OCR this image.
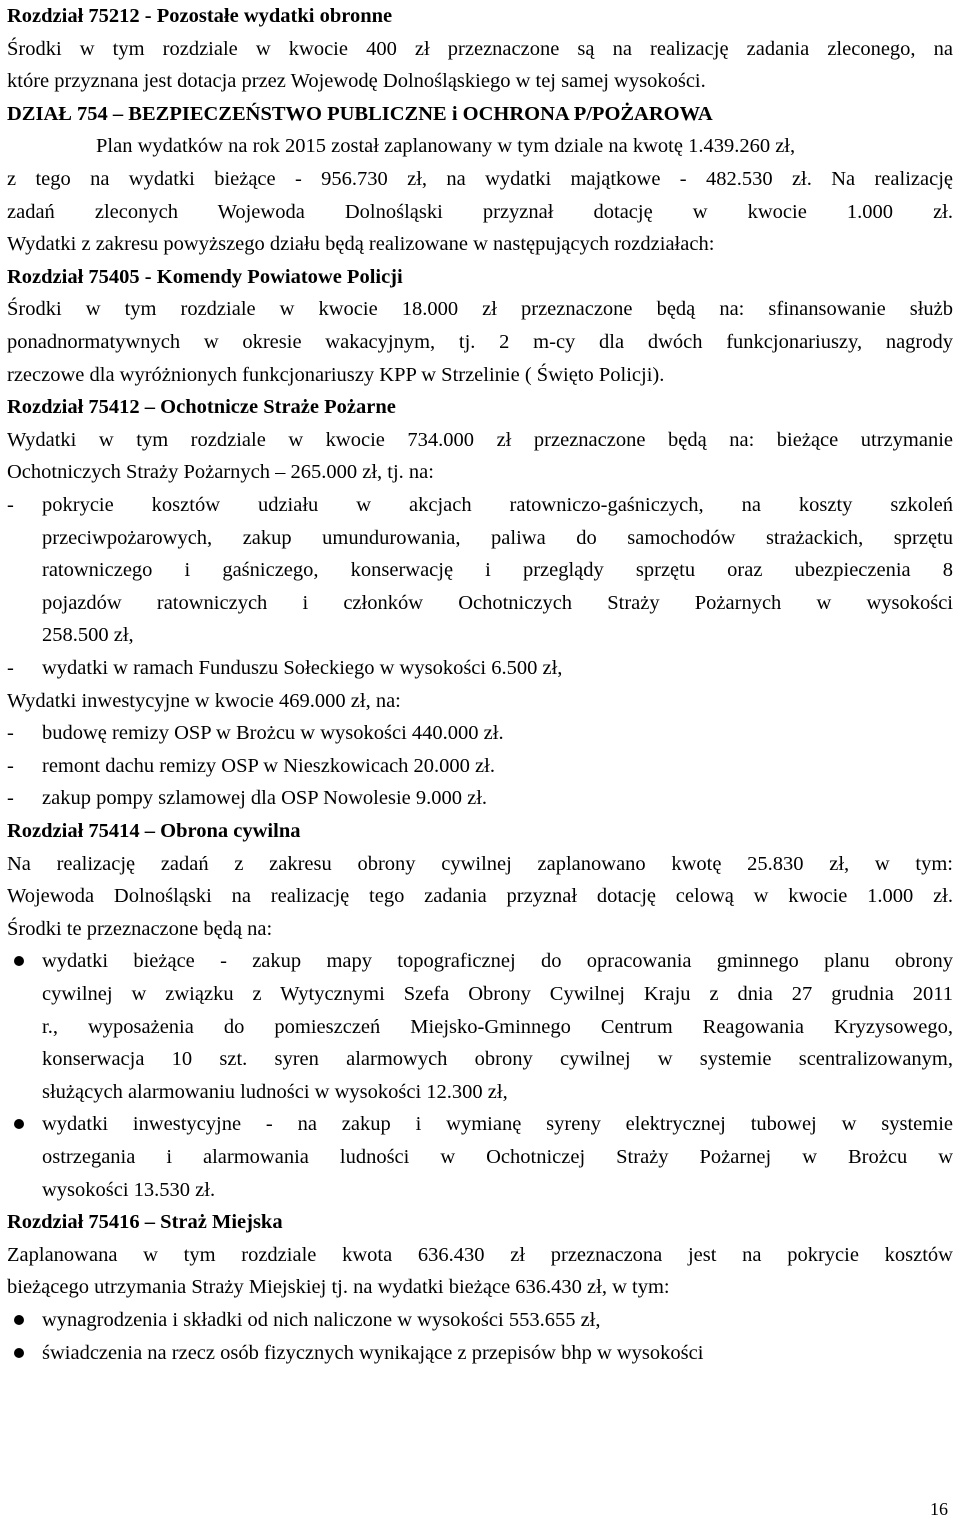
Rozdział 75212 - Pozostałe wydatki obronne
Środki w tym rozdziale w kwocie 400 zł przeznaczone są na realizację zadania zleconego, na
które przyznana jest dotacja przez Wojewodę Dolnośląskiego w tej samej wysokości.
DZIAŁ 754 – BEZPIECZEŃSTWO PUBLICZNE i OCHRONA P/POŻAROWA
Plan wydatków na rok 2015 został zaplanowany w tym dziale na kwotę 1.439.260 zł,
z tego na wydatki bieżące - 956.730 zł, na wydatki majątkowe - 482.530 zł. Na realizację
zadań zleconych Wojewoda Dolnośląski przyznał dotację w kwocie 1.000 zł.
Wydatki z zakresu powyższego działu będą realizowane w następujących rozdziałach:
Rozdział 75405 - Komendy Powiatowe Policji
Środki w tym rozdziale w kwocie 18.000 zł przeznaczone będą na: sfinansowanie służb
ponadnormatywnych w okresie wakacyjnym, tj. 2 m-cy dla dwóch funkcjonariuszy, nagrody
rzeczowe dla wyróżnionych funkcjonariuszy KPP w Strzelinie ( Święto Policji).
Rozdział 75412 – Ochotnicze Straże Pożarne
Wydatki w tym rozdziale w kwocie 734.000 zł przeznaczone będą na: bieżące utrzymanie
Ochotniczych Straży Pożarnych – 265.000 zł, tj. na:
pokrycie kosztów udziału w akcjach ratowniczo-gaśniczych, na koszty szkoleń
-
przeciwpożarowych, zakup umundurowania, paliwa do samochodów strażackich, sprzętu
ratowniczego i gaśniczego, konserwację i przeglądy sprzętu oraz ubezpieczenia 8
pojazdów ratowniczych i członków Ochotniczych Straży Pożarnych w wysokości
258.500 zł,
wydatki w ramach Funduszu Sołeckiego w wysokości 6.500 zł,
-
Wydatki inwestycyjne w kwocie 469.000 zł, na:
budowę remizy OSP w Brożcu w wysokości 440.000 zł.
-
remont dachu remizy OSP w Nieszkowicach 20.000 zł.
-
zakup pompy szlamowej dla OSP Nowolesie 9.000 zł.
-
Rozdział 75414 – Obrona cywilna
Na realizację zadań z zakresu obrony cywilnej zaplanowano kwotę 25.830 zł, w tym:
Wojewoda Dolnośląski na realizację tego zadania przyznał dotację celową w kwocie 1.000 zł.
Środki te przeznaczone będą na:
wydatki bieżące - zakup mapy topograficznej do opracowania gminnego planu obrony
cywilnej w związku z Wytycznymi Szefa Obrony Cywilnej Kraju z dnia 27 grudnia 2011
r., wyposażenia do pomieszczeń Miejsko-Gminnego Centrum Reagowania Kryzysowego,
konserwacja 10 szt. syren alarmowych obrony cywilnej w systemie scentralizowanym,
służących alarmowaniu ludności w wysokości 12.300 zł,
wydatki inwestycyjne - na zakup i wymianę syreny elektrycznej tubowej w systemie
ostrzegania i alarmowania ludności w Ochotniczej Straży Pożarnej w Brożcu w
wysokości 13.530 zł.
Rozdział 75416 – Straż Miejska
Zaplanowana w tym rozdziale kwota 636.430 zł przeznaczona jest na pokrycie kosztów
bieżącego utrzymania Straży Miejskiej tj. na wydatki bieżące 636.430 zł, w tym:
wynagrodzenia i składki od nich naliczone w wysokości 553.655 zł,
świadczenia na rzecz osób fizycznych wynikające z przepisów bhp w wysokości
16
